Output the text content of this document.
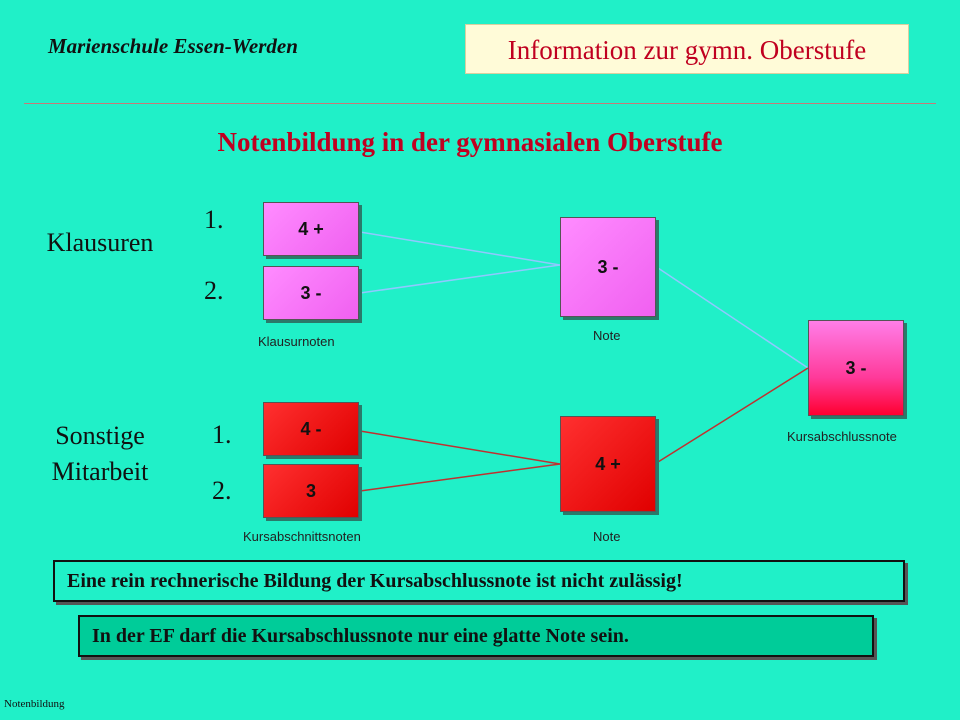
Marienschule Essen-Werden	Information zur gymn. Oberstufe
Notenbildung in der gymnasialen Oberstufe
Klausuren
1.
2.
4 +
3 -
Klausurnoten
3 -
Note
3 -
Kursabschlussnote
Sonstige
Mitarbeit
1.
2.
4 -
3
Kursabschnittsnoten
4 +
Note
Eine rein rechnerische Bildung der Kursabschlussnote ist nicht zulässig!
In der EF darf die Kursabschlussnote nur eine glatte Note sein.
Notenbildung
